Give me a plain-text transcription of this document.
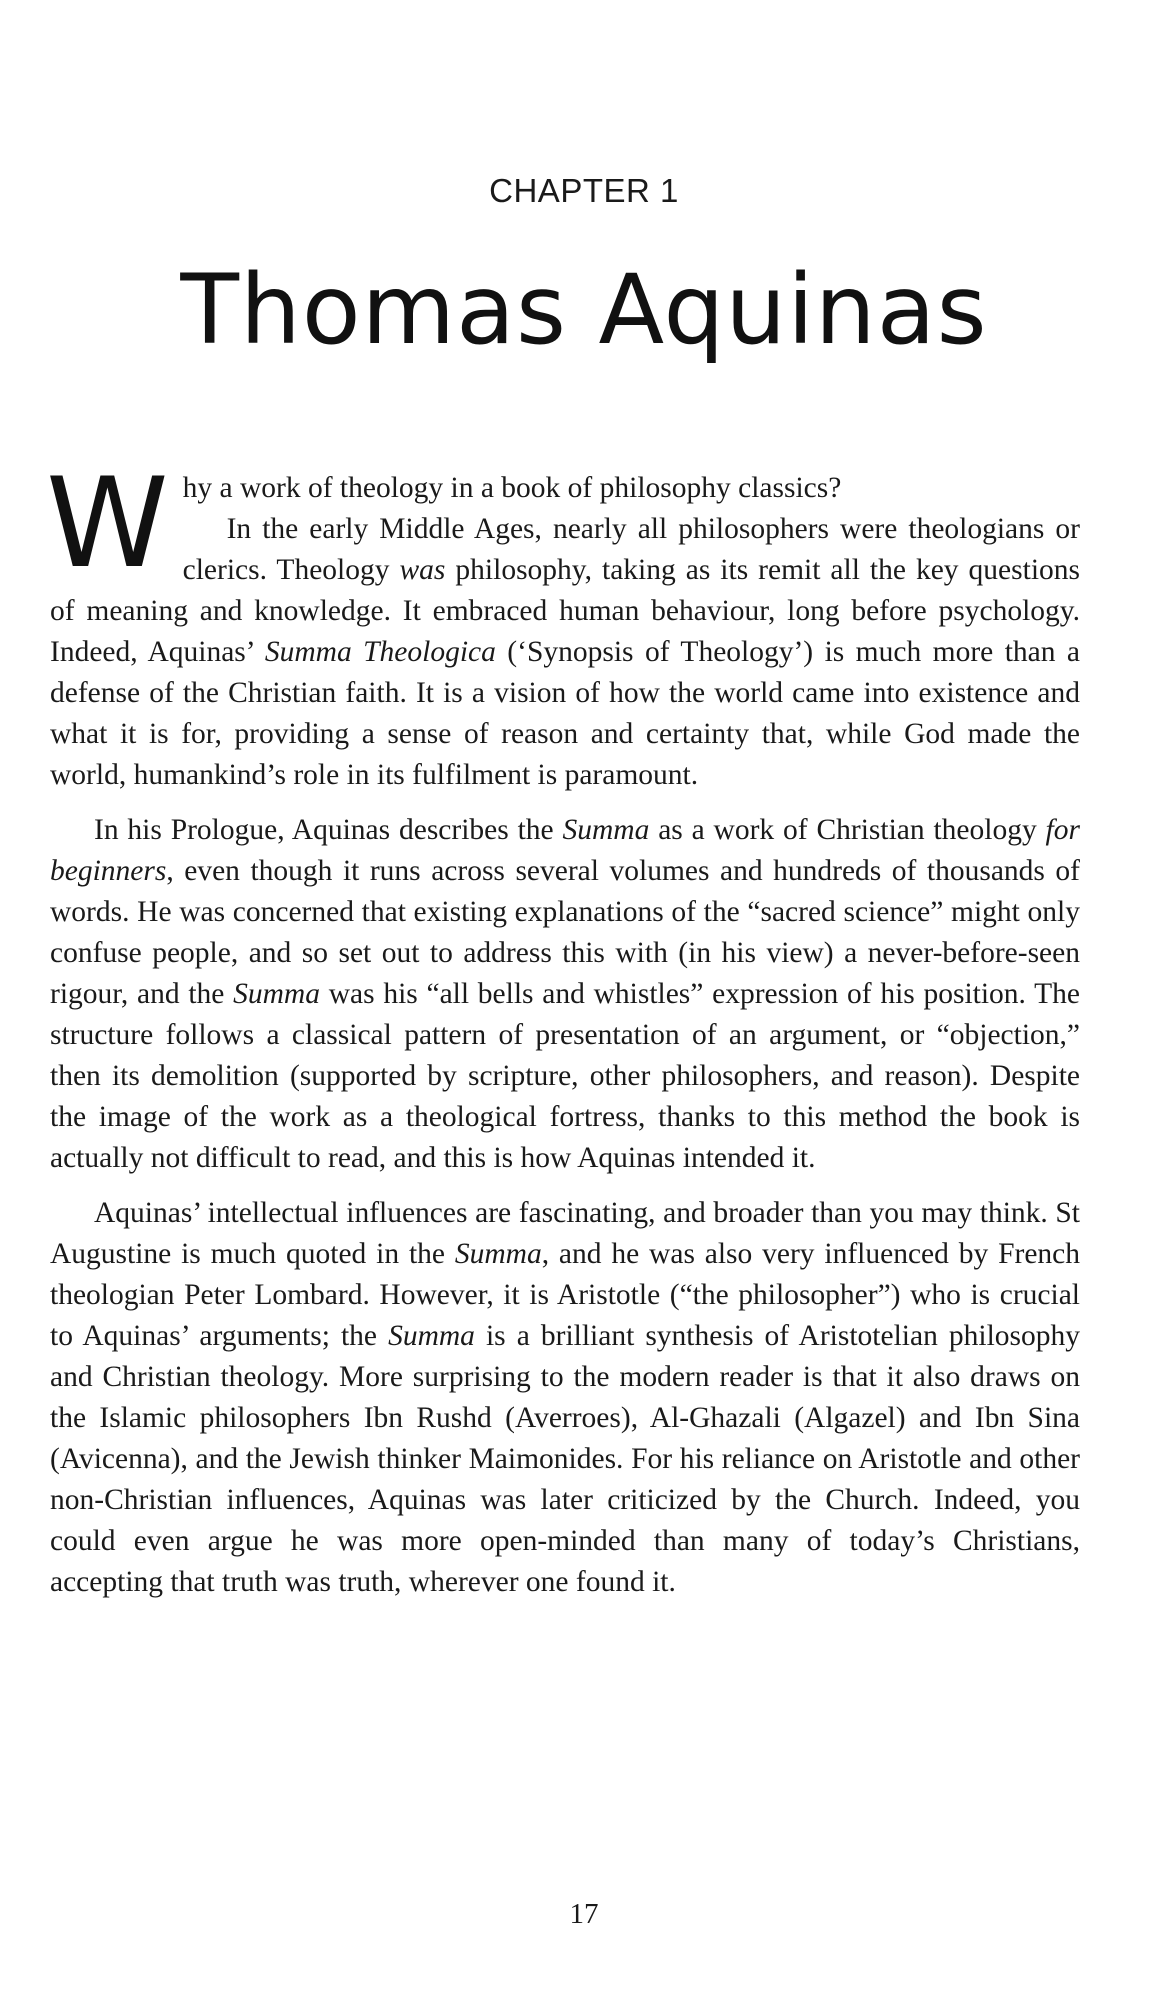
CHAPTER 1
Thomas Aquinas

W hy a work of theology in a book of philosophy classics?
In the early Middle Ages, nearly all philosophers were theologians or clerics. Theology was philosophy, taking as its remit all the key questions of meaning and knowledge. It embraced human behaviour, long before psychology. Indeed, Aquinas’ Summa Theologica (‘Synopsis of Theology’) is much more than a defense of the Christian faith. It is a vision of how the world came into existence and what it is for, providing a sense of reason and certainty that, while God made the world, humankind’s role in its fulfilment is paramount.

In his Prologue, Aquinas describes the Summa as a work of Christian theology for beginners, even though it runs across several volumes and hundreds of thousands of words. He was concerned that existing explanations of the “sacred science” might only confuse people, and so set out to address this with (in his view) a never-before-seen rigour, and the Summa was his “all bells and whistles” expression of his position. The structure follows a classical pattern of presentation of an argument, or “objection,” then its demolition (supported by scripture, other philosophers, and reason). Despite the image of the work as a theological fortress, thanks to this method the book is actually not difficult to read, and this is how Aquinas intended it.

Aquinas’ intellectual influences are fascinating, and broader than you may think. St Augustine is much quoted in the Summa, and he was also very influenced by French theologian Peter Lombard. However, it is Aristotle (“the philosopher”) who is crucial to Aquinas’ arguments; the Summa is a brilliant synthesis of Aristotelian philosophy and Christian theology. More surprising to the modern reader is that it also draws on the Islamic philosophers Ibn Rushd (Averroes), Al-Ghazali (Algazel) and Ibn Sina (Avicenna), and the Jewish thinker Maimonides. For his reliance on Aristotle and other non-Christian influences, Aquinas was later criticized by the Church. Indeed, you could even argue he was more open-minded than many of today’s Christians, accepting that truth was truth, wherever one found it.

17
